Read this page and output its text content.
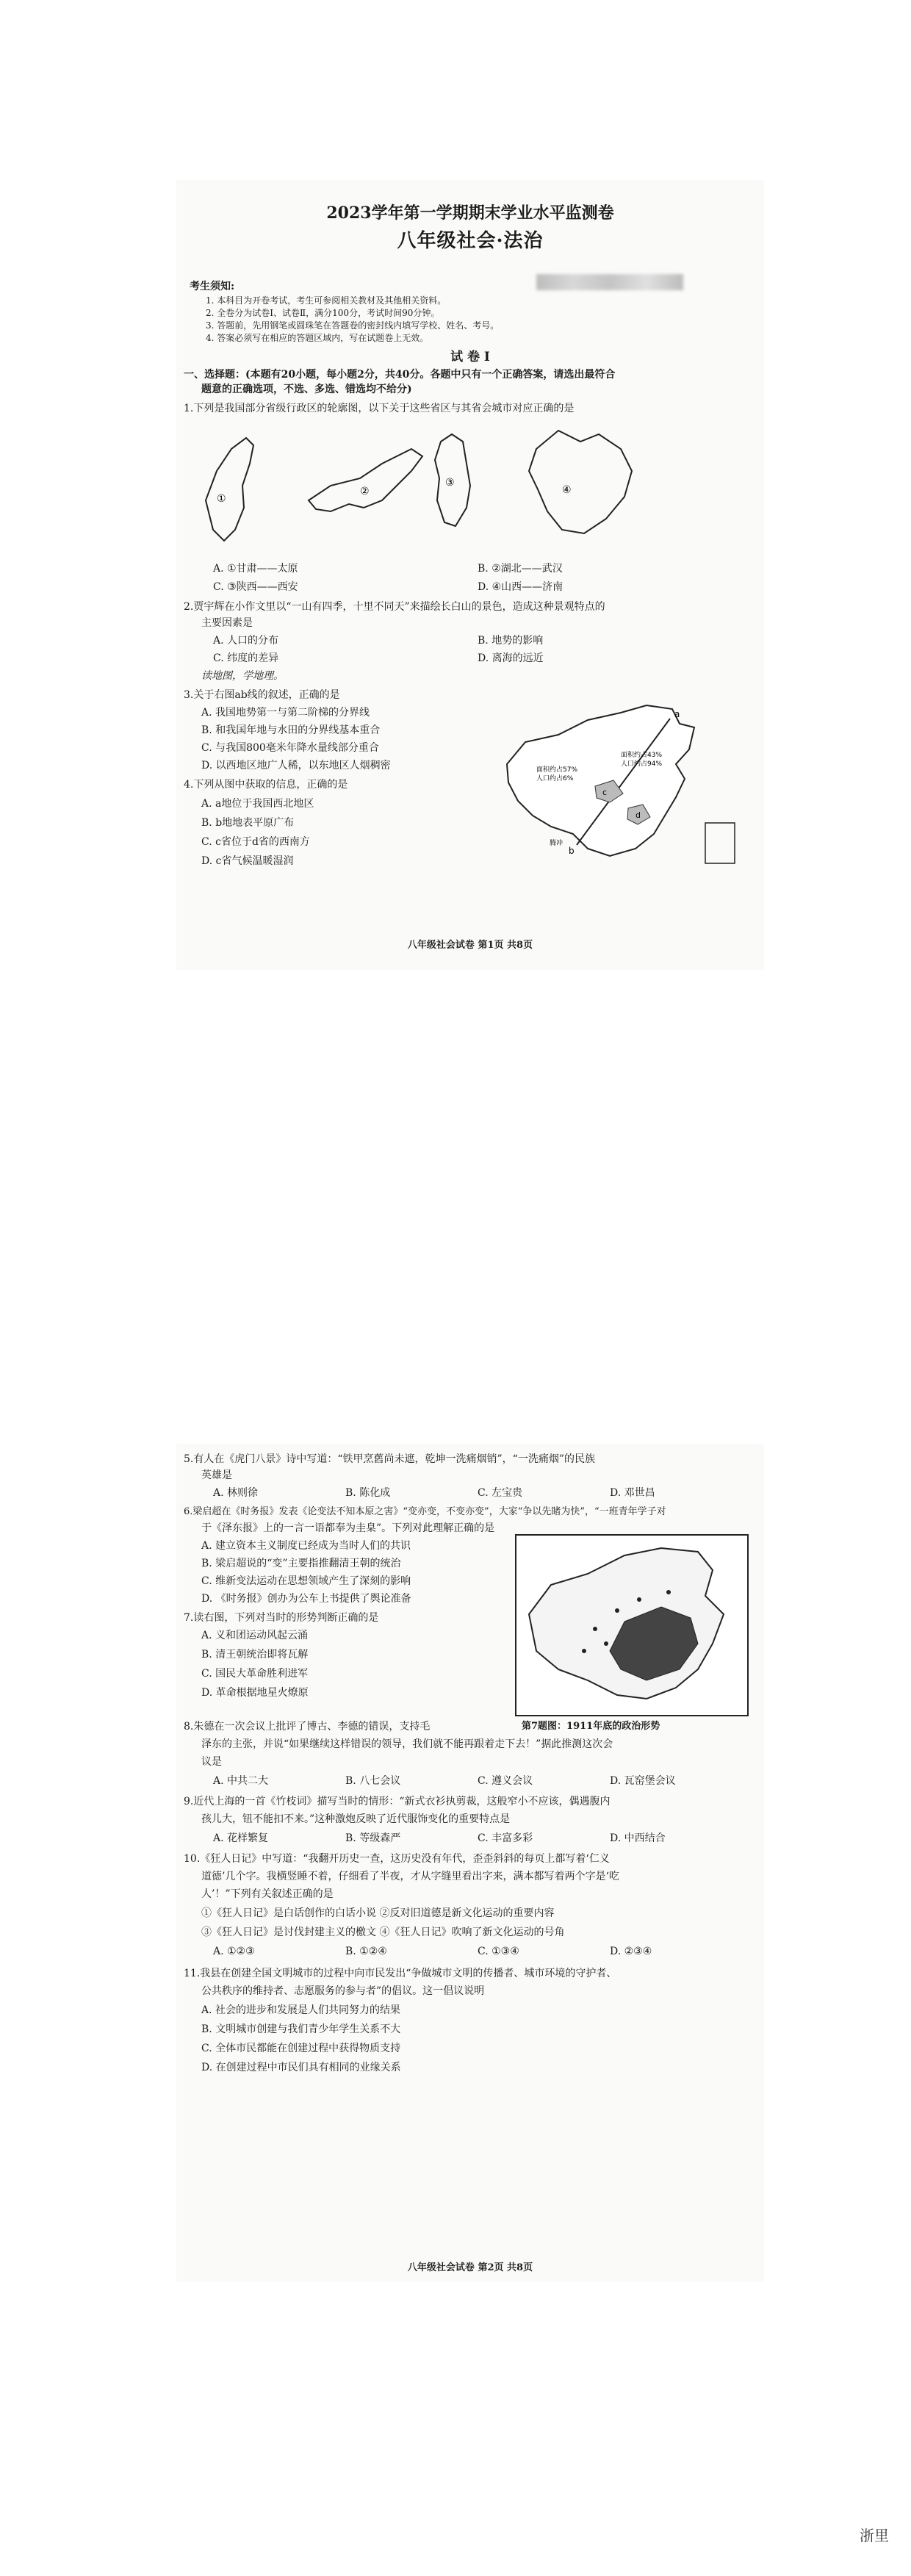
2023学年第一学期期末学业水平监测卷
八年级社会·法治
考生须知:
1. 本科目为开卷考试，考生可参阅相关教材及其他相关资料。
2. 全卷分为试卷Ⅰ、试卷Ⅱ，满分100分，考试时间90分钟。
3. 答题前，先用钢笔或圆珠笔在答题卷的密封线内填写学校、姓名、考号。
4. 答案必须写在相应的答题区域内，写在试题卷上无效。
试 卷 Ⅰ
一、选择题：(本题有20小题，每小题2分，共40分。各题中只有一个正确答案，请选出最符合
题意的正确选项，不选、多选、错选均不给分)
1.下列是我国部分省级行政区的轮廓图，以下关于这些省区与其省会城市对应正确的是
①
②
③
④
A. ①甘肃——太原	B. ②湖北——武汉
C. ③陕西——西安	D. ④山西——济南
2.贾宇辉在小作文里以“一山有四季，十里不同天”来描绘长白山的景色，造成这种景观特点的
主要因素是
A. 人口的分布	B. 地势的影响
C. 纬度的差异	D. 离海的远近
读地图，学地理。
3.关于右图ab线的叙述，正确的是
A. 我国地势第一与第二阶梯的分界线
B. 和我国年地与水田的分界线基本重合
C. 与我国800毫米年降水量线部分重合
D. 以西地区地广人稀，以东地区人烟稠密
a
b
c
d
面积约占57%
人口约占6%
面积约占43%
人口约占94%
腾冲
4.下列从图中获取的信息，正确的是
A. a地位于我国西北地区
B. b地地表平原广布
C. c省位于d省的西南方
D. c省气候温暖湿润
八年级社会试卷 第1页 共8页
5.有人在《虎门八景》诗中写道：“铁甲烹舊尚未遮，乾坤一洗痛烟销”，“一洗痛烟”的民族
英雄是
A. 林则徐	B. 陈化成	C. 左宝贵	D. 邓世昌
6.梁启超在《时务报》发表《论变法不知本原之害》“变亦变，不变亦变”，大家“争以先睹为快”，“一班青年学子对
于《泽东报》上的一言一语都奉为圭臬”。下列对此理解正确的是
A. 建立资本主义制度已经成为当时人们的共识
B. 梁启超说的“变”主要指推翻清王朝的统治
C. 维新变法运动在思想领域产生了深刻的影响
D. 《时务报》创办为公车上书提供了舆论准备
第7题图：1911年底的政治形势
7.读右图，下列对当时的形势判断正确的是
A. 义和团运动风起云涌
B. 清王朝统治即将瓦解
C. 国民大革命胜利进军
D. 革命根据地星火燎原
8.朱德在一次会议上批评了博古、李德的错误，支持毛
泽东的主张，并说“如果继续这样错误的领导，我们就不能再跟着走下去！”据此推测这次会
议是
A. 中共二大	B. 八七会议	C. 遵义会议	D. 瓦窑堡会议
9.近代上海的一首《竹枝词》描写当时的情形：“新式衣衫执剪裁，这般窄小不应该，偶遇腹内
孩儿大，钮不能扣不来。”这种激炮反映了近代服饰变化的重要特点是
A. 花样繁复	B. 等级森严	C. 丰富多彩	D. 中西结合
10.《狂人日记》中写道：“我翻开历史一查，这历史没有年代，歪歪斜斜的每页上都写着‘仁义
道德’几个字。我横竖睡不着，仔细看了半夜，才从字缝里看出字来，满本都写着两个字是‘吃
人’！”下列有关叙述正确的是
①《狂人日记》是白话创作的白话小说 ②反对旧道德是新文化运动的重要内容
③《狂人日记》是讨伐封建主义的檄文 ④《狂人日记》吹响了新文化运动的号角
A. ①②③	B. ①②④	C. ①③④	D. ②③④
11.我县在创建全国文明城市的过程中向市民发出“争做城市文明的传播者、城市环境的守护者、
公共秩序的维持者、志愿服务的参与者”的倡议。这一倡议说明
A. 社会的进步和发展是人们共同努力的结果
B. 文明城市创建与我们青少年学生关系不大
C. 全体市民都能在创建过程中获得物质支持
D. 在创建过程中市民们具有相同的业缘关系
八年级社会试卷 第2页 共8页
浙里
